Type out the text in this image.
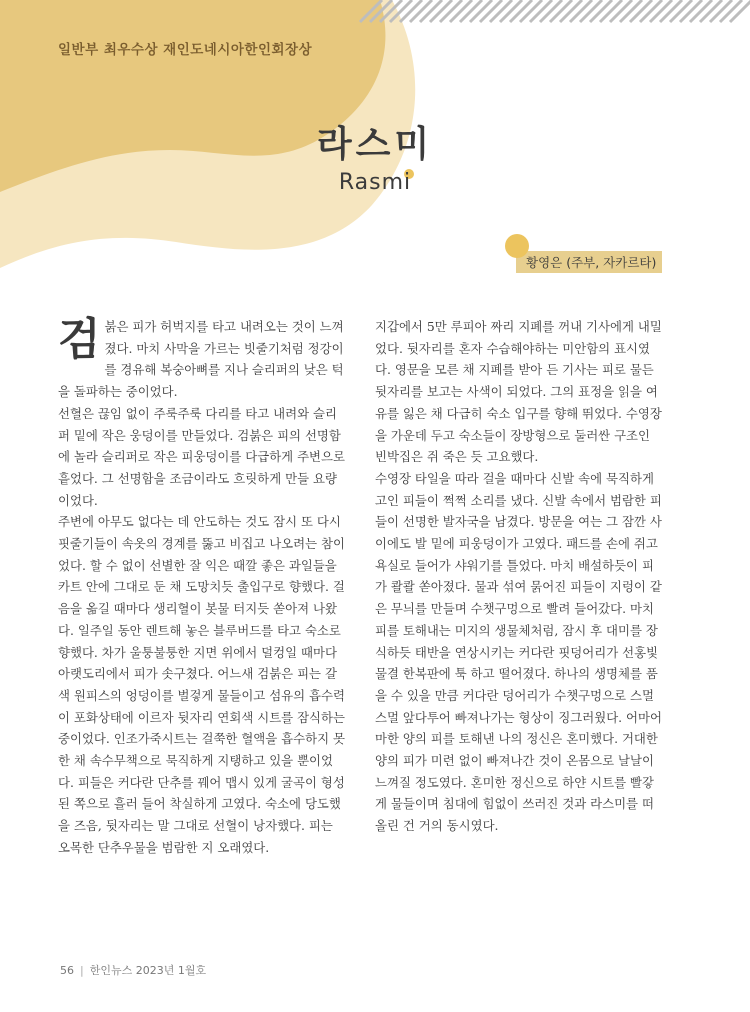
일반부 최우수상 재인도네시아한인회장상
라스미
Rasmi
황영은 (주부, 자카르타)
검 붉은 피가 허벅지를 타고 내려오는 것이 느껴졌다. 마치 사막을 가르는 빗줄기처럼 정강이를 경유해 복숭아뼈를 지나 슬리퍼의 낮은 턱을 돌파하는 중이었다.

선혈은 끊임 없이 주룩주룩 다리를 타고 내려와 슬리퍼 밑에 작은 웅덩이를 만들었다. 검붉은 피의 선명함에 놀라 슬리퍼로 작은 피웅덩이를 다급하게 주변으로 흩었다. 그 선명함을 조금이라도 흐릿하게 만들 요량이었다.

주변에 아무도 없다는 데 안도하는 것도 잠시 또 다시 핏줄기들이 속옷의 경계를 뚫고 비집고 나오려는 참이었다. 할 수 없이 선별한 잘 익은 때깔 좋은 과일들을 카트 안에 그대로 둔 채 도망치듯 출입구로 향했다. 걸음을 옮길 때마다 생리혈이 봇물 터지듯 쏟아져 나왔다. 일주일 동안 렌트해 놓은 블루버드를 타고 숙소로 향했다. 차가 울퉁불퉁한 지면 위에서 덜컹일 때마다 아랫도리에서 피가 솟구쳤다. 어느새 검붉은 피는 갈색 원피스의 엉덩이를 벌겋게 물들이고 섬유의 흡수력이 포화상태에 이르자 뒷자리 연회색 시트를 잠식하는 중이었다. 인조가죽시트는 걸쭉한 혈액을 흡수하지 못한 채 속수무책으로 묵직하게 지탱하고 있을 뿐이었다. 피들은 커다란 단추를 꿰어 맵시 있게 굴곡이 형성된 쪽으로 흘러 들어 착실하게 고였다. 숙소에 당도했을 즈음, 뒷자리는 말 그대로 선혈이 낭자했다. 피는 오목한 단추우물을 범람한 지 오래였다.

지갑에서 5만 루피아 짜리 지폐를 꺼내 기사에게 내밀었다. 뒷자리를 혼자 수습해야하는 미안함의 표시였다. 영문을 모른 채 지폐를 받아 든 기사는 피로 물든 뒷자리를 보고는 사색이 되었다. 그의 표정을 읽을 여유를 잃은 채 다급히 숙소 입구를 향해 뛰었다. 수영장을 가운데 두고 숙소들이 장방형으로 둘러싼 구조인 빈박집은 쥐 죽은 듯 고요했다.

수영장 타일을 따라 걸을 때마다 신발 속에 묵직하게 고인 피들이 쩍쩍 소리를 냈다. 신발 속에서 범람한 피들이 선명한 발자국을 남겼다. 방문을 여는 그 잠깐 사이에도 발 밑에 피웅덩이가 고였다. 패드를 손에 쥐고 욕실로 들어가 샤워기를 틀었다. 마치 배설하듯이 피가 콸콸 쏟아졌다. 물과 섞여 묽어진 피들이 지렁이 같은 무늬를 만들며 수챗구멍으로 빨려 들어갔다. 마치 피를 토해내는 미지의 생물체처럼, 잠시 후 대미를 장식하듯 태반을 연상시키는 커다란 핏덩어리가 선홍빛 물결 한복판에 툭 하고 떨어졌다. 하나의 생명체를 품을 수 있을 만큼 커다란 덩어리가 수챗구멍으로 스멀스멀 앞다투어 빠져나가는 형상이 징그러웠다. 어마어마한 양의 피를 토해낸 나의 정신은 혼미했다. 거대한 양의 피가 미련 없이 빠져나간 것이 온몸으로 날날이 느껴질 정도였다. 혼미한 정신으로 하얀 시트를 빨갛게 물들이며 침대에 힘없이 쓰러진 것과 라스미를 떠올린 건 거의 동시였다.

56 | 한인뉴스 2023년 1월호
